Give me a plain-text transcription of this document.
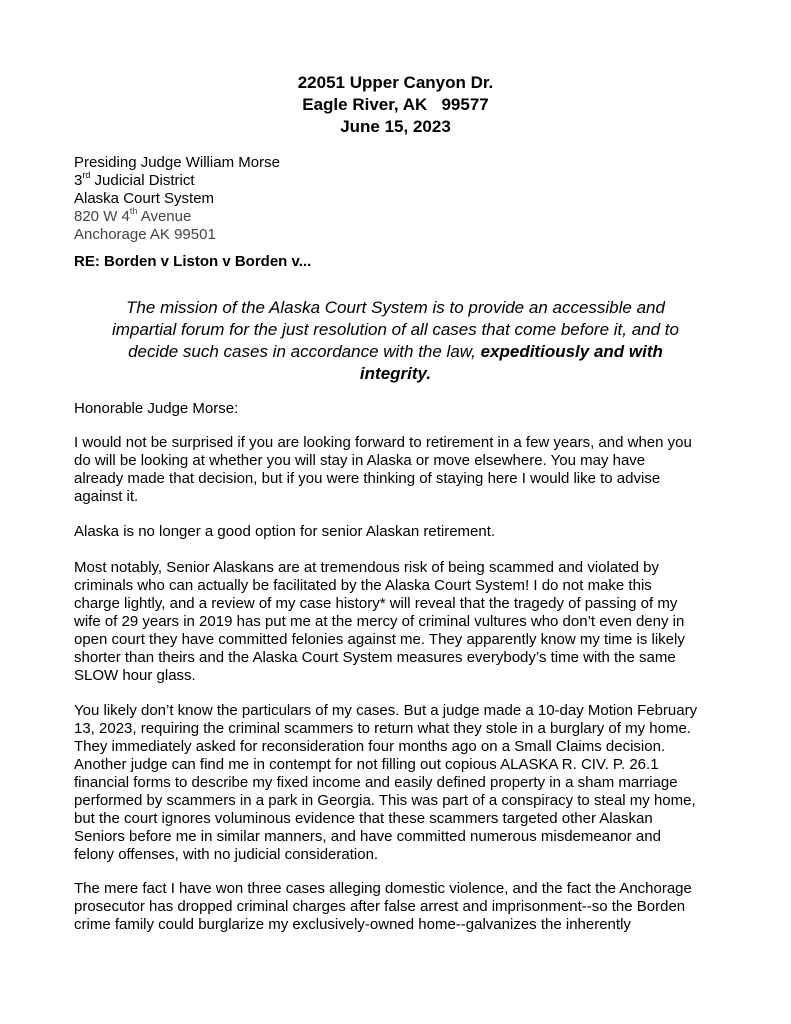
22051 Upper Canyon Dr.
Eagle River, AK   99577
June 15, 2023
Presiding Judge William Morse
3rd Judicial District
Alaska Court System
820 W 4th Avenue
Anchorage AK 99501
RE: Borden v Liston v Borden v...
The mission of the Alaska Court System is to provide an accessible and
impartial forum for the just resolution of all cases that come before it, and to
decide such cases in accordance with the law, expeditiously and with
integrity.
Honorable Judge Morse:
I would not be surprised if you are looking forward to retirement in a few years, and when you
do will be looking at whether you will stay in Alaska or move elsewhere. You may have
already made that decision, but if you were thinking of staying here I would like to advise
against it.
Alaska is no longer a good option for senior Alaskan retirement.
Most notably, Senior Alaskans are at tremendous risk of being scammed and violated by
criminals who can actually be facilitated by the Alaska Court System! I do not make this
charge lightly, and a review of my case history* will reveal that the tragedy of passing of my
wife of 29 years in 2019 has put me at the mercy of criminal vultures who don’t even deny in
open court they have committed felonies against me. They apparently know my time is likely
shorter than theirs and the Alaska Court System measures everybody’s time with the same
SLOW hour glass.
You likely don’t know the particulars of my cases. But a judge made a 10-day Motion February
13, 2023, requiring the criminal scammers to return what they stole in a burglary of my home.
They immediately asked for reconsideration four months ago on a Small Claims decision.
Another judge can find me in contempt for not filling out copious ALASKA R. CIV. P. 26.1
financial forms to describe my fixed income and easily defined property in a sham marriage
performed by scammers in a park in Georgia. This was part of a conspiracy to steal my home,
but the court ignores voluminous evidence that these scammers targeted other Alaskan
Seniors before me in similar manners, and have committed numerous misdemeanor and
felony offenses, with no judicial consideration.
The mere fact I have won three cases alleging domestic violence, and the fact the Anchorage
prosecutor has dropped criminal charges after false arrest and imprisonment--so the Borden
crime family could burglarize my exclusively-owned home--galvanizes the inherently
